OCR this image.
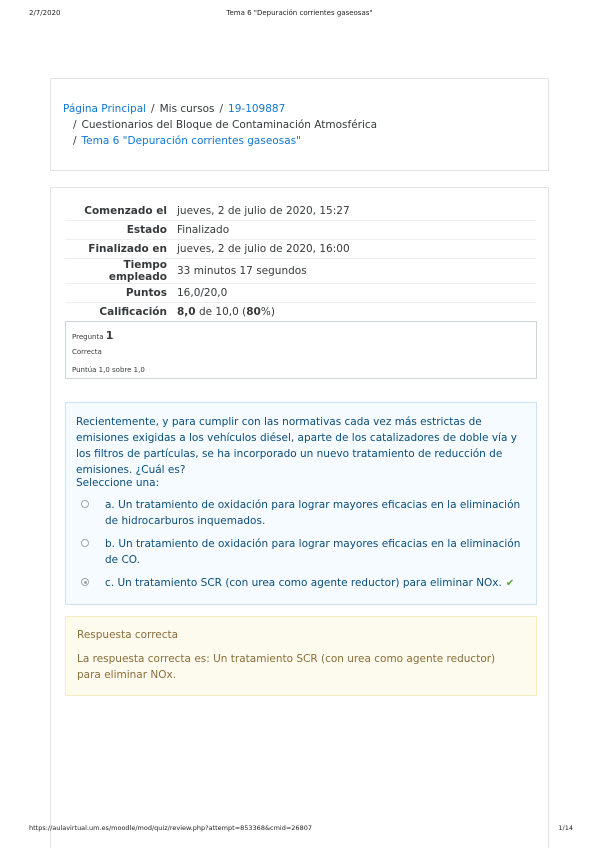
2/7/2020	Tema 6 "Depuración corrientes gaseosas"
Página Principal / Mis cursos / 19-109887
/ Cuestionarios del Bloque de Contaminación Atmosférica
/ Tema 6 "Depuración corrientes gaseosas"
Comenzado el	jueves, 2 de julio de 2020, 15:27
Estado	Finalizado
Finalizado en	jueves, 2 de julio de 2020, 16:00
Tiempo empleado	33 minutos 17 segundos
Puntos	16,0/20,0
Calificación	8,0 de 10,0 (80%)
Pregunta 1
Correcta
Puntúa 1,0 sobre 1,0
Recientemente, y para cumplir con las normativas cada vez más estrictas de emisiones exigidas a los vehículos diésel, aparte de los catalizadores de doble vía y los filtros de partículas, se ha incorporado un nuevo tratamiento de reducción de emisiones. ¿Cuál es?
Seleccione una:
a. Un tratamiento de oxidación para lograr mayores eficacias en la eliminación de hidrocarburos inquemados.
b. Un tratamiento de oxidación para lograr mayores eficacias en la eliminación de CO.
c. Un tratamiento SCR (con urea como agente reductor) para eliminar NOx. ✔
Respuesta correcta
La respuesta correcta es: Un tratamiento SCR (con urea como agente reductor) para eliminar NOx.
https://aulavirtual.um.es/moodle/mod/quiz/review.php?attempt=853368&cmid=26807	1/14
